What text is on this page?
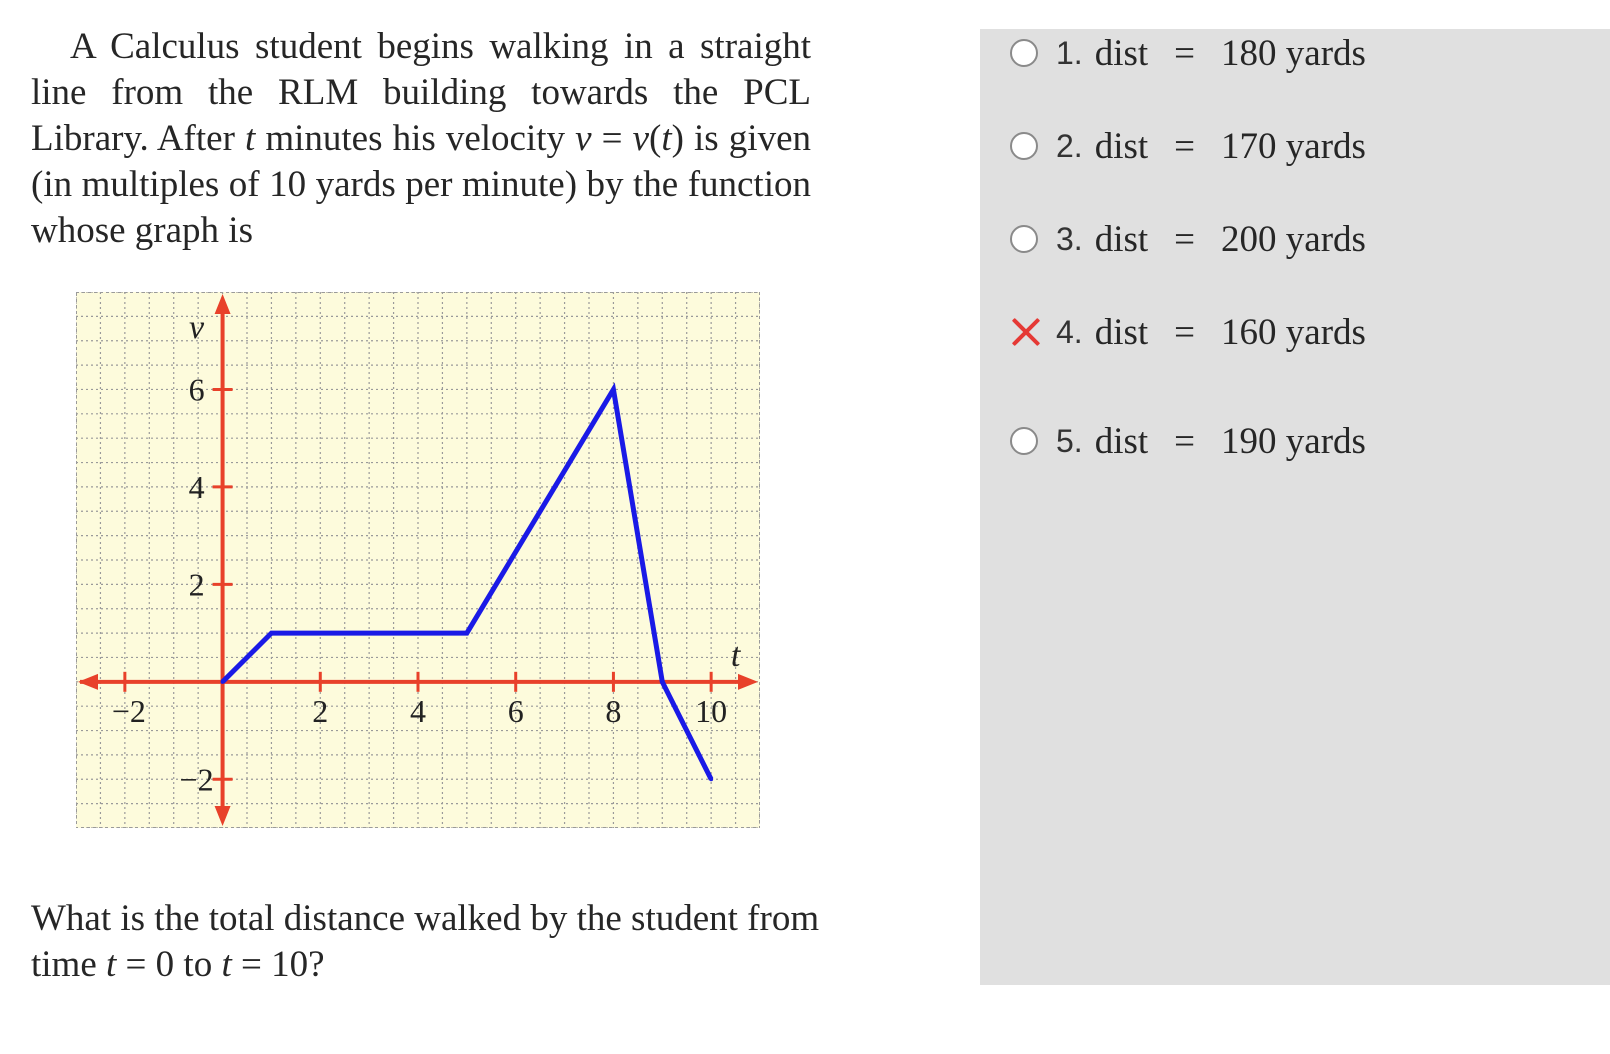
A Calculus student begins walking in a straight line from the RLM building towards the PCL Library. After t minutes his velocity v = v(t) is given (in multiples of 10 yards per minute) by the function whose graph is
−2	2	4	6	8 10
−2
2
4
6
t
v
What is the total distance walked by the student from time t = 0 to t = 10?
1. dist = 180 yards
2. dist = 170 yards
3. dist = 200 yards
4. dist = 160 yards
5. dist = 190 yards
